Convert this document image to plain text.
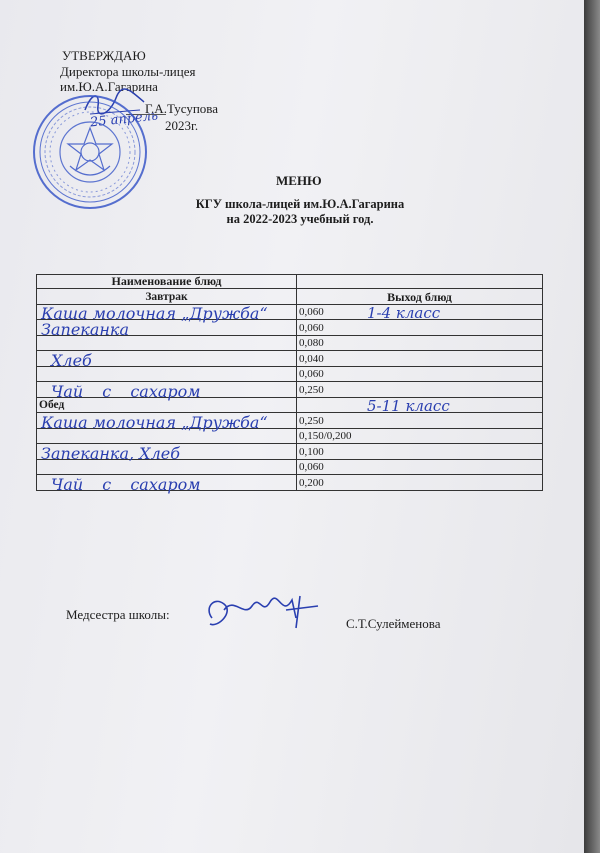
УТВЕРЖДАЮ
Директора школы-лицея
им.Ю.А.Гагарина
Г.А.Тусупова
2023г.
25 апрель
МЕНЮ
КГУ школа-лицей им.Ю.А.Гагарина
на 2022-2023 учебный год.
Наименование блюд	
Завтрак	Выход блюд

Каша молочная „Дружба“	0,060 1-4 класс

Запеканка	0,060

	0,080

Хлеб	0,040

	0,060

Чай с сахаром	0,250
Обед	5-11 класс

Каша молочная „Дружба“	0,250

	0,150/0,200

Запеканка, Хлеб	0,100

	0,060

Чай с сахаром	0,200
Медсестра школы:
С.Т.Сулейменова
